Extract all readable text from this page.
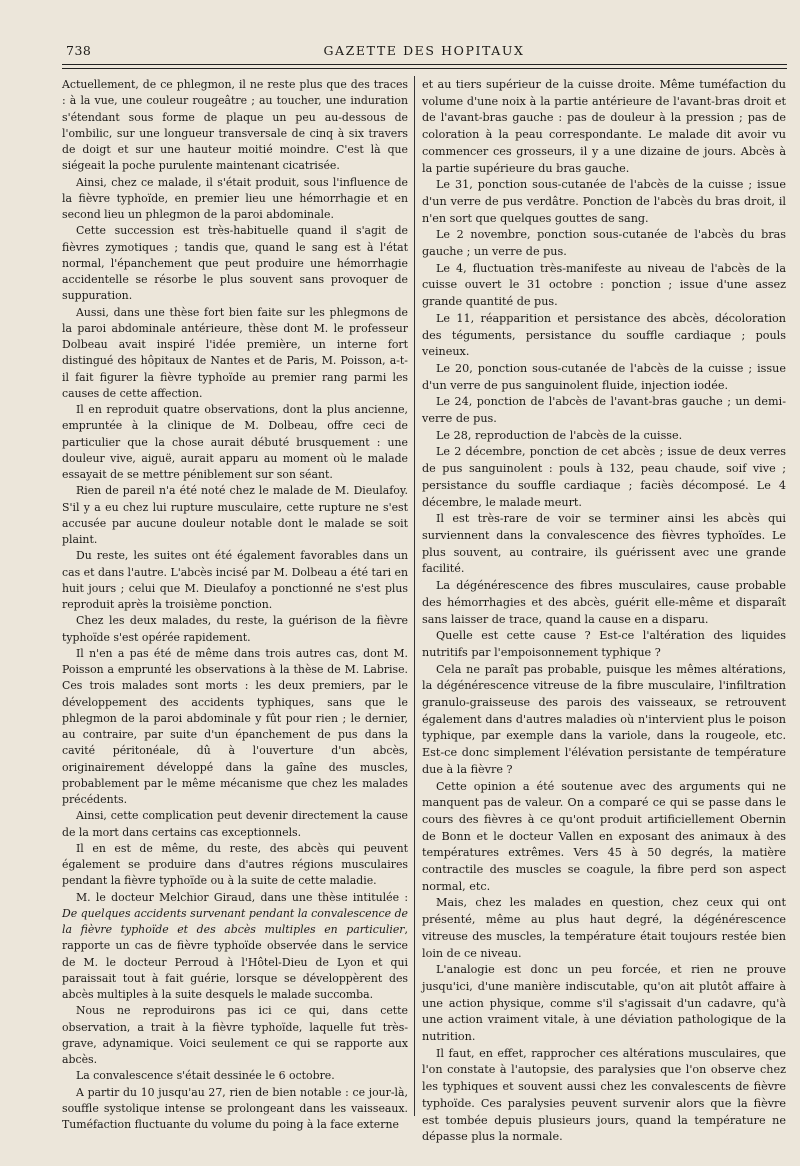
738	GAZETTE DES HOPITAUX

Actuellement, de ce phlegmon, il ne reste plus que des traces : à la vue, une couleur rougeâtre ; au toucher, une induration s'étendant sous forme de plaque un peu au-dessous de l'ombilic, sur une longueur transversale de cinq à six travers de doigt et sur une hauteur moitié moindre. C'est là que siégeait la poche purulente maintenant cicatrisée.

Ainsi, chez ce malade, il s'était produit, sous l'influence de la fièvre typhoïde, en premier lieu une hémorrhagie et en second lieu un phlegmon de la paroi abdominale.

Cette succession est très-habituelle quand il s'agit de fièvres zymotiques ; tandis que, quand le sang est à l'état normal, l'épanchement que peut produire une hémorrhagie accidentelle se résorbe le plus souvent sans provoquer de suppuration.

Aussi, dans une thèse fort bien faite sur les phlegmons de la paroi abdominale antérieure, thèse dont M. le professeur Dolbeau avait inspiré l'idée première, un interne fort distingué des hôpitaux de Nantes et de Paris, M. Poisson, a-t-il fait figurer la fièvre typhoïde au premier rang parmi les causes de cette affection.

Il en reproduit quatre observations, dont la plus ancienne, empruntée à la clinique de M. Dolbeau, offre ceci de particulier que la chose aurait débuté brusquement : une douleur vive, aiguë, aurait apparu au moment où le malade essayait de se mettre péniblement sur son séant.

Rien de pareil n'a été noté chez le malade de M. Dieulafoy. S'il y a eu chez lui rupture musculaire, cette rupture ne s'est accusée par aucune douleur notable dont le malade se soit plaint.

Du reste, les suites ont été également favorables dans un cas et dans l'autre. L'abcès incisé par M. Dolbeau a été tari en huit jours ; celui que M. Dieulafoy a ponctionné ne s'est plus reproduit après la troisième ponction.

Chez les deux malades, du reste, la guérison de la fièvre typhoïde s'est opérée rapidement.

Il n'en a pas été de même dans trois autres cas, dont M. Poisson a emprunté les observations à la thèse de M. Labrise. Ces trois malades sont morts : les deux premiers, par le développement des accidents typhiques, sans que le phlegmon de la paroi abdominale y fût pour rien ; le dernier, au contraire, par suite d'un épanchement de pus dans la cavité péritonéale, dû à l'ouverture d'un abcès, originairement développé dans la gaîne des muscles, probablement par le même mécanisme que chez les malades précédents.

Ainsi, cette complication peut devenir directement la cause de la mort dans certains cas exceptionnels.

Il en est de même, du reste, des abcès qui peuvent également se produire dans d'autres régions musculaires pendant la fièvre typhoïde ou à la suite de cette maladie.

M. le docteur Melchior Giraud, dans une thèse intitulée : De quelques accidents survenant pendant la convalescence de la fièvre typhoïde et des abcès multiples en particulier, rapporte un cas de fièvre typhoïde observée dans le service de M. le docteur Perroud à l'Hôtel-Dieu de Lyon et qui paraissait tout à fait guérie, lorsque se développèrent des abcès multiples à la suite desquels le malade succomba.

Nous ne reproduirons pas ici ce qui, dans cette observation, a trait à la fièvre typhoïde, laquelle fut très-grave, adynamique. Voici seulement ce qui se rapporte aux abcès.

La convalescence s'était dessinée le 6 octobre.

A partir du 10 jusqu'au 27, rien de bien notable : ce jour-là, souffle systolique intense se prolongeant dans les vaisseaux. Tuméfaction fluctuante du volume du poing à la face externe

et au tiers supérieur de la cuisse droite. Même tuméfaction du volume d'une noix à la partie antérieure de l'avant-bras droit et de l'avant-bras gauche : pas de douleur à la pression ; pas de coloration à la peau correspondante. Le malade dit avoir vu commencer ces grosseurs, il y a une dizaine de jours. Abcès à la partie supérieure du bras gauche.

Le 31, ponction sous-cutanée de l'abcès de la cuisse ; issue d'un verre de pus verdâtre. Ponction de l'abcès du bras droit, il n'en sort que quelques gouttes de sang.

Le 2 novembre, ponction sous-cutanée de l'abcès du bras gauche ; un verre de pus.

Le 4, fluctuation très-manifeste au niveau de l'abcès de la cuisse ouvert le 31 octobre : ponction ; issue d'une assez grande quantité de pus.

Le 11, réapparition et persistance des abcès, décoloration des téguments, persistance du souffle cardiaque ; pouls veineux.

Le 20, ponction sous-cutanée de l'abcès de la cuisse ; issue d'un verre de pus sanguinolent fluide, injection iodée.

Le 24, ponction de l'abcès de l'avant-bras gauche ; un demi-verre de pus.

Le 28, reproduction de l'abcès de la cuisse.

Le 2 décembre, ponction de cet abcès ; issue de deux verres de pus sanguinolent : pouls à 132, peau chaude, soif vive ; persistance du souffle cardiaque ; faciès décomposé. Le 4 décembre, le malade meurt.

Il est très-rare de voir se terminer ainsi les abcès qui surviennent dans la convalescence des fièvres typhoïdes. Le plus souvent, au contraire, ils guérissent avec une grande facilité.

La dégénérescence des fibres musculaires, cause probable des hémorrhagies et des abcès, guérit elle-même et disparaît sans laisser de trace, quand la cause en a disparu.

Quelle est cette cause ? Est-ce l'altération des liquides nutritifs par l'empoisonnement typhique ?

Cela ne paraît pas probable, puisque les mêmes altérations, la dégénérescence vitreuse de la fibre musculaire, l'infiltration granulo-graisseuse des parois des vaisseaux, se retrouvent également dans d'autres maladies où n'intervient plus le poison typhique, par exemple dans la variole, dans la rougeole, etc. Est-ce donc simplement l'élévation persistante de température due à la fièvre ?

Cette opinion a été soutenue avec des arguments qui ne manquent pas de valeur. On a comparé ce qui se passe dans le cours des fièvres à ce qu'ont produit artificiellement Obernin de Bonn et le docteur Vallen en exposant des animaux à des températures extrêmes. Vers 45 à 50 degrés, la matière contractile des muscles se coagule, la fibre perd son aspect normal, etc.

Mais, chez les malades en question, chez ceux qui ont présenté, même au plus haut degré, la dégénérescence vitreuse des muscles, la température était toujours restée bien loin de ce niveau.

L'analogie est donc un peu forcée, et rien ne prouve jusqu'ici, d'une manière indiscutable, qu'on ait plutôt affaire à une action physique, comme s'il s'agissait d'un cadavre, qu'à une action vraiment vitale, à une déviation pathologique de la nutrition.

Il faut, en effet, rapprocher ces altérations musculaires, que l'on constate à l'autopsie, des paralysies que l'on observe chez les typhiques et souvent aussi chez les convalescents de fièvre typhoïde. Ces paralysies peuvent survenir alors que la fièvre est tombée depuis plusieurs jours, quand la température ne dépasse plus la normale.
